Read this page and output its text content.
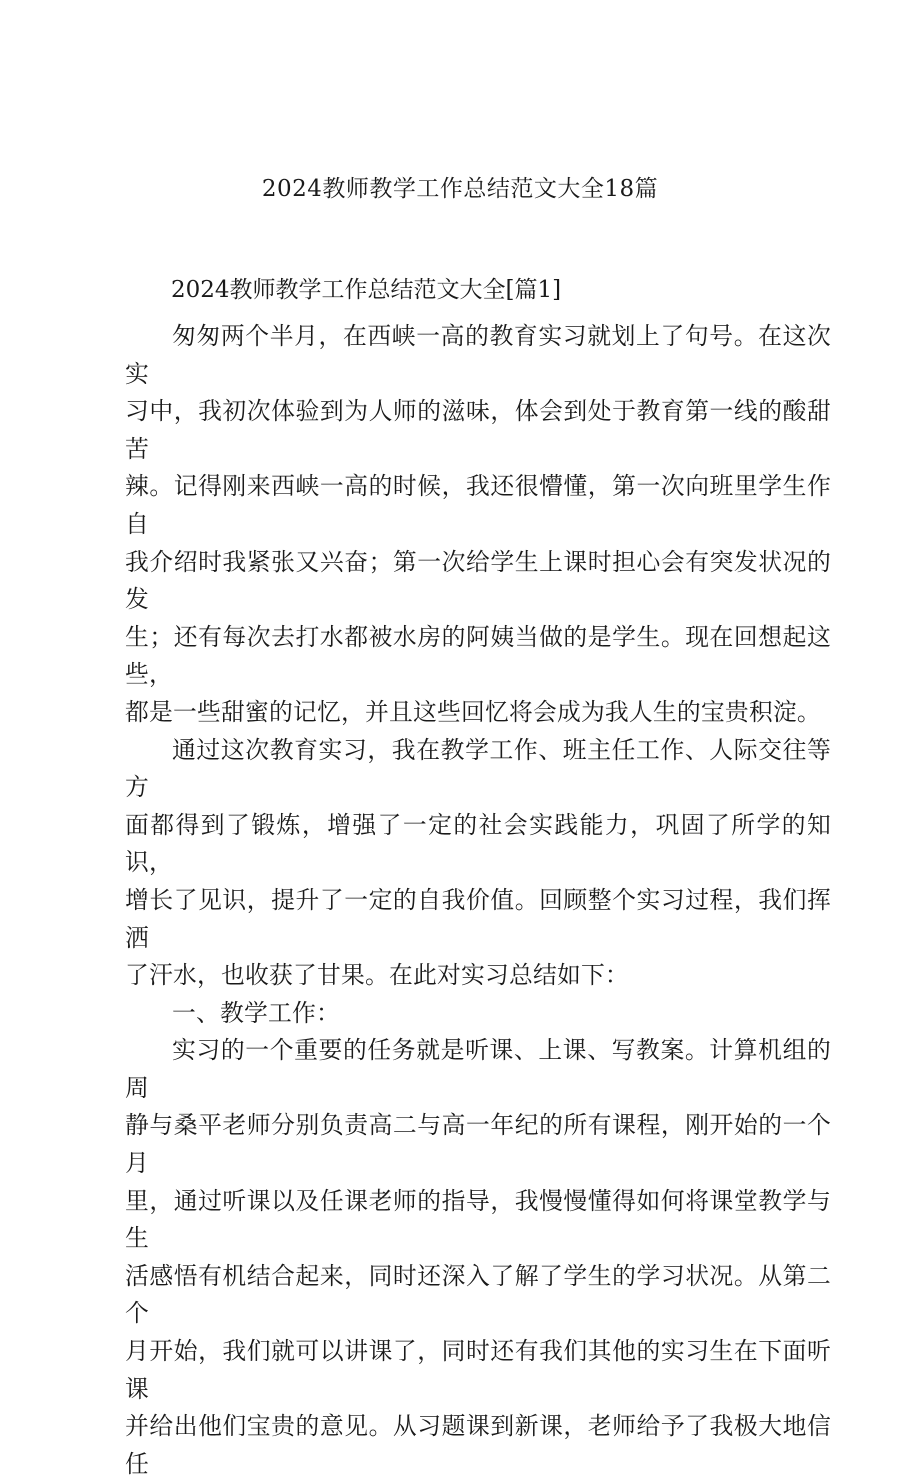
2024教师教学工作总结范文大全18篇
2024教师教学工作总结范文大全[篇1]

匆匆两个半月，在西峡一高的教育实习就划上了句号。在这次实
习中，我初次体验到为人师的滋味，体会到处于教育第一线的酸甜苦
辣。记得刚来西峡一高的时候，我还很懵懂，第一次向班里学生作自
我介绍时我紧张又兴奋；第一次给学生上课时担心会有突发状况的发
生；还有每次去打水都被水房的阿姨当做的是学生。现在回想起这些，
都是一些甜蜜的记忆，并且这些回忆将会成为我人生的宝贵积淀。

通过这次教育实习，我在教学工作、班主任工作、人际交往等方
面都得到了锻炼，增强了一定的社会实践能力，巩固了所学的知识，
增长了见识，提升了一定的自我价值。回顾整个实习过程，我们挥洒
了汗水，也收获了甘果。在此对实习总结如下：

一、教学工作：

实习的一个重要的任务就是听课、上课、写教案。计算机组的周
静与桑平老师分别负责高二与高一年纪的所有课程，刚开始的一个月
里，通过听课以及任课老师的指导，我慢慢懂得如何将课堂教学与生
活感悟有机结合起来，同时还深入了解了学生的学习状况。从第二个
月开始，我们就可以讲课了，同时还有我们其他的实习生在下面听课
并给出他们宝贵的意见。从习题课到新课，老师给予了我极大地信任
